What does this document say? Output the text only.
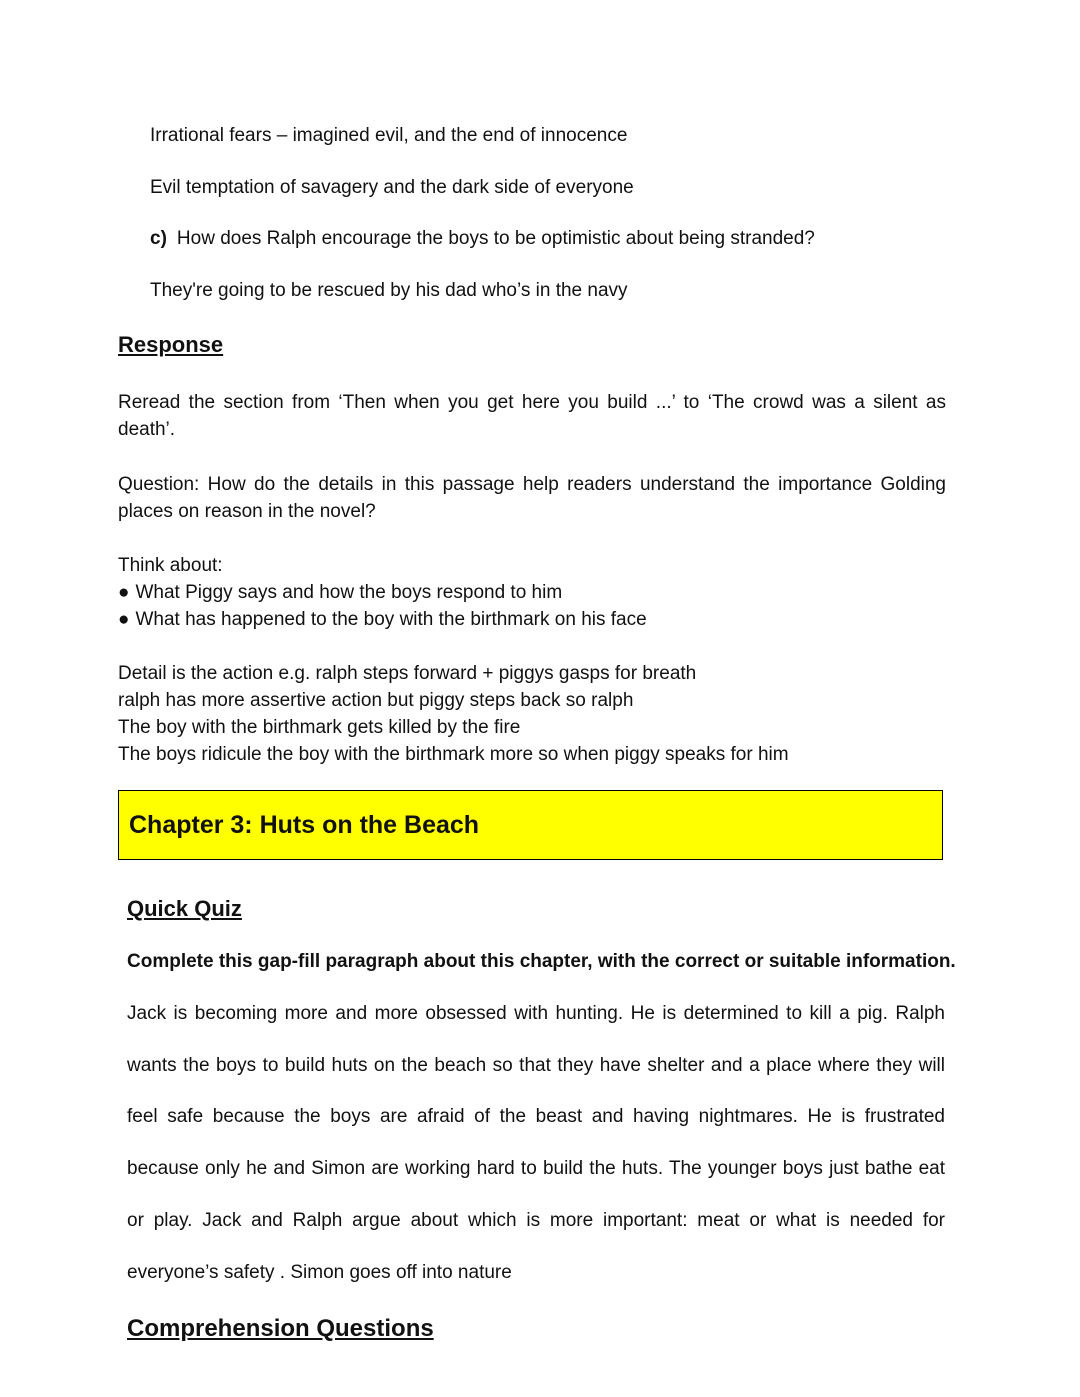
Irrational fears – imagined evil, and the end of innocence
Evil temptation of savagery and the dark side of everyone
c) How does Ralph encourage the boys to be optimistic about being stranded?
They're going to be rescued by his dad who’s in the navy
Response
Reread the section from ‘Then when you get here you build ...’ to ‘The crowd was a silent as death’.
Question: How do the details in this passage help readers understand the importance Golding places on reason in the novel?
Think about:
● What Piggy says and how the boys respond to him
● What has happened to the boy with the birthmark on his face
Detail is the action e.g. ralph steps forward + piggys gasps for breath
ralph has more assertive action but piggy steps back so ralph
The boy with the birthmark gets killed by the fire
The boys ridicule the boy with the birthmark more so when piggy speaks for him
Chapter 3: Huts on the Beach
Quick Quiz
Complete this gap-fill paragraph about this chapter, with the correct or suitable information.
Jack is becoming more and more obsessed with hunting. He is determined to kill a pig. Ralph
wants the boys to build huts on the beach so that they have shelter and a place where they will
feel safe because the boys are afraid of the beast and having nightmares. He is frustrated
because only he and Simon are working hard to build the huts. The younger boys just bathe eat
or play. Jack and Ralph argue about which is more important: meat or what is needed for
everyone’s safety . Simon goes off into nature
Comprehension Questions
